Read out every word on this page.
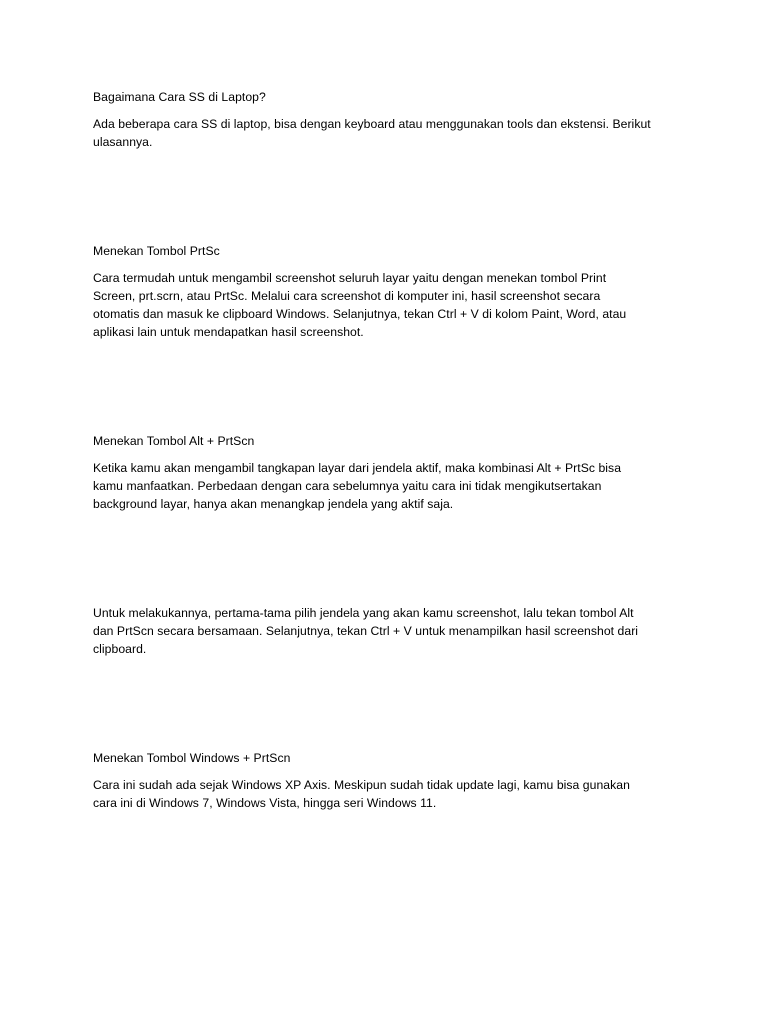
Bagaimana Cara SS di Laptop?

Ada beberapa cara SS di laptop, bisa dengan keyboard atau menggunakan tools dan ekstensi. Berikut
ulasannya.

Menekan Tombol PrtSc

Cara termudah untuk mengambil screenshot seluruh layar yaitu dengan menekan tombol Print
Screen, prt.scrn, atau PrtSc. Melalui cara screenshot di komputer ini, hasil screenshot secara
otomatis dan masuk ke clipboard Windows. Selanjutnya, tekan Ctrl + V di kolom Paint, Word, atau
aplikasi lain untuk mendapatkan hasil screenshot.

Menekan Tombol Alt + PrtScn

Ketika kamu akan mengambil tangkapan layar dari jendela aktif, maka kombinasi Alt + PrtSc bisa
kamu manfaatkan. Perbedaan dengan cara sebelumnya yaitu cara ini tidak mengikutsertakan
background layar, hanya akan menangkap jendela yang aktif saja.

Untuk melakukannya, pertama-tama pilih jendela yang akan kamu screenshot, lalu tekan tombol Alt
dan PrtScn secara bersamaan. Selanjutnya, tekan Ctrl + V untuk menampilkan hasil screenshot dari
clipboard.

Menekan Tombol Windows + PrtScn

Cara ini sudah ada sejak Windows XP Axis. Meskipun sudah tidak update lagi, kamu bisa gunakan
cara ini di Windows 7, Windows Vista, hingga seri Windows 11.
